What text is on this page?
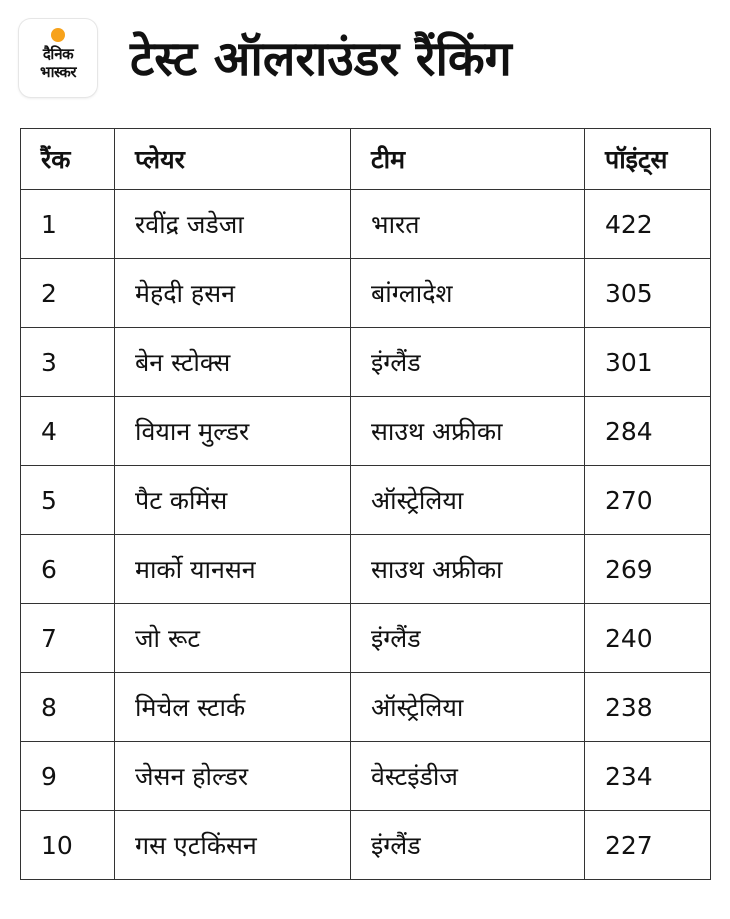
दैनिक
भास्कर	टेस्ट ऑलराउंडर रैंकिंग
रैंक	प्लेयर	टीम	पॉइंट्स
1	रवींद्र जडेजा	भारत	422
2	मेहदी हसन	बांग्लादेश	305
3	बेन स्टोक्स	इंग्लैंड	301
4	वियान मुल्डर	साउथ अफ्रीका	284
5	पैट कमिंस	ऑस्ट्रेलिया	270
6	मार्को यानसन	साउथ अफ्रीका	269
7	जो रूट	इंग्लैंड	240
8	मिचेल स्टार्क	ऑस्ट्रेलिया	238
9	जेसन होल्डर	वेस्टइंडीज	234
10	गस एटकिंसन	इंग्लैंड	227
